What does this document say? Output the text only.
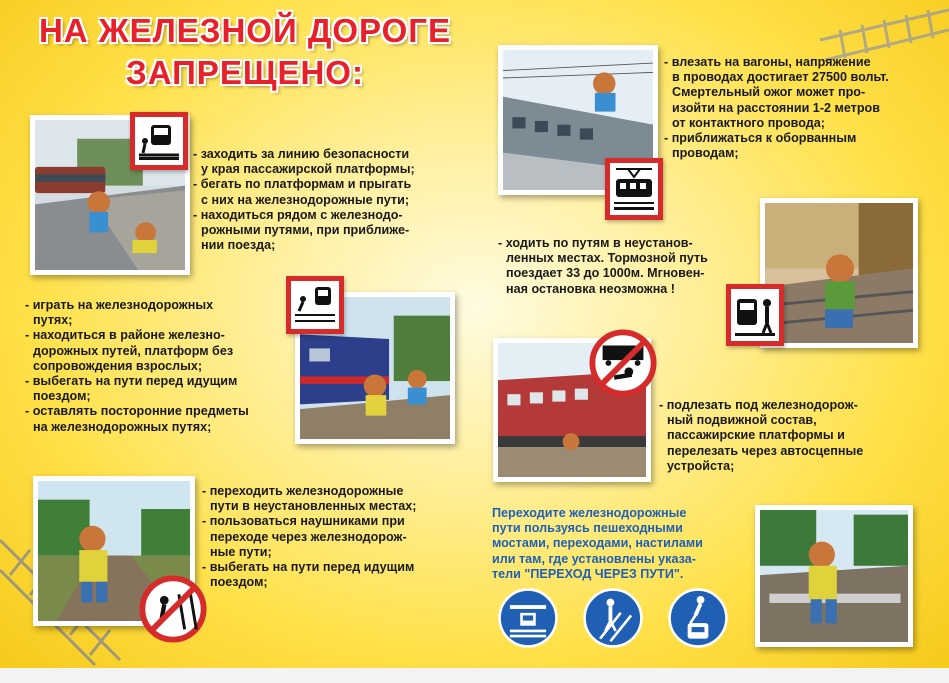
НА ЖЕЛЕЗНОЙ ДОРОГЕ
ЗАПРЕЩЕНО:
- заходить за линию безопасности
у края пассажирской платформы;
- бегать по платформам и прыгать
с них на железнодорожные пути;
- находиться рядом с железнодо-
рожными путями, при приближе-
нии поезда;
- играть на железнодорожных
путях;
- находиться в районе железно-
дорожных путей, платформ без
сопровождения взрослых;
- выбегать на пути перед идущим
поездом;
- оставлять посторонние предметы
на железнодорожных путях;
- переходить железнодорожные
пути в неустановленных местах;
- пользоваться наушниками при
переходе через железнодорож-
ные пути;
- выбегать на пути перед идущим
поездом;
- влезать на вагоны, напряжение
в проводах достигает 27500 вольт.
Смертельный ожог может про-
изойти на расстоянии 1-2 метров
от контактного провода;
- приближаться к оборванным
проводам;
- ходить по путям в неустанов-
ленных местах. Тормозной путь
поездает 33 до 1000м. Мгновен-
ная остановка неозможна !
- подлезать под железнодорож-
ный подвижной состав,
пассажирские платформы и
перелезать через автосцепные
устройста;
Переходите железнодорожные
пути пользуясь пешеходными
мостами, переходами, настилами
или там, где установлены указа-
тели "ПЕРЕХОД ЧЕРЕЗ ПУТИ".
